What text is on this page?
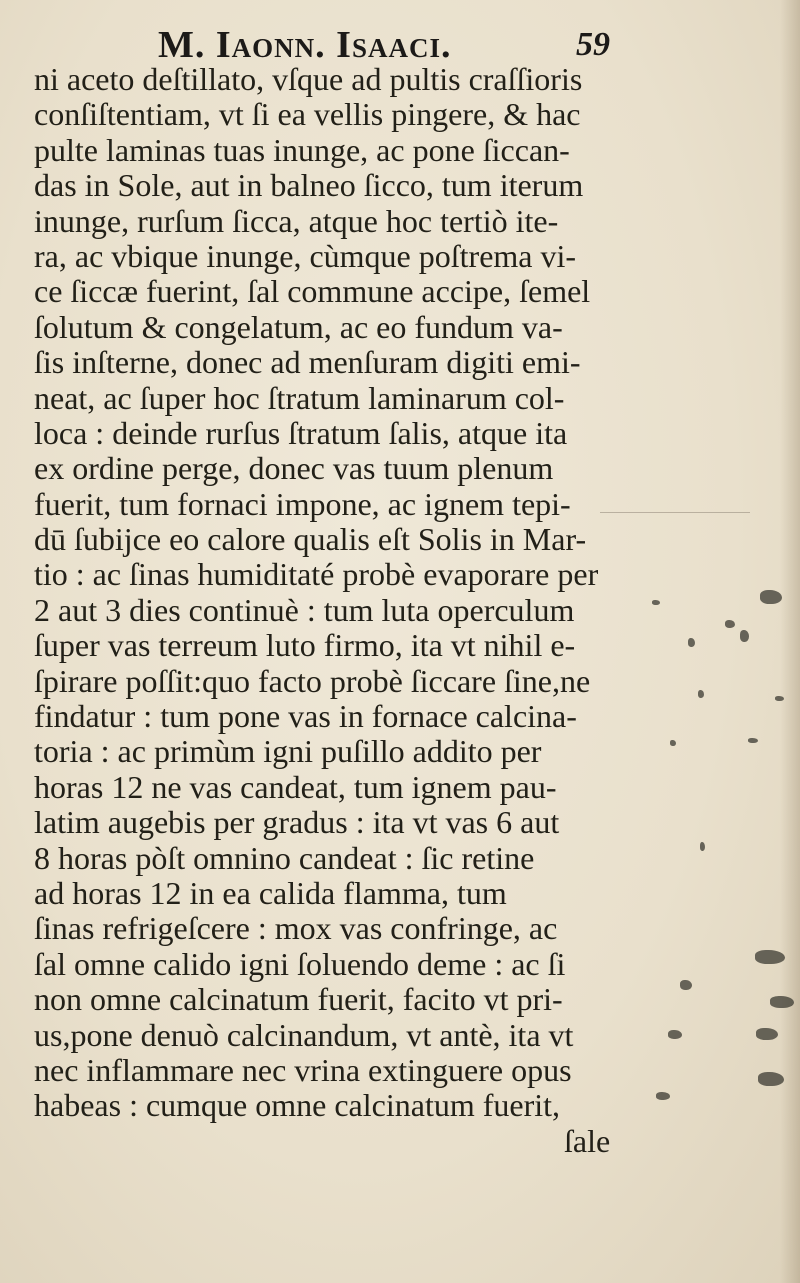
M. Iaonn. Isaaci.	59
ni aceto deſtillato, vſque ad pultis craſſioris
conſiſtentiam, vt ſi ea vellis pingere, & hac
pulte laminas tuas inunge, ac pone ſiccan-
das in Sole, aut in balneo ſicco, tum iterum
inunge, rurſum ſicca, atque hoc tertiò ite-
ra, ac vbique inunge, cùmque poſtrema vi-
ce ſiccæ fuerint, ſal commune accipe, ſemel
ſolutum & congelatum, ac eo fundum va-
ſis inſterne, donec ad menſuram digiti emi-
neat, ac ſuper hoc ſtratum laminarum col-
loca : deinde rurſus ſtratum ſalis, atque ita
ex ordine perge, donec vas tuum plenum
fuerit, tum fornaci impone, ac ignem tepi-
dū ſubijce eo calore qualis eſt Solis in Mar-
tio : ac ſinas humiditaté probè evaporare per
2 aut 3 dies continuè : tum luta operculum
ſuper vas terreum luto firmo, ita vt nihil e-
ſpirare poſſit:quo facto probè ſiccare ſine,ne
findatur : tum pone vas in fornace calcina-
toria : ac primùm igni puſillo addito per
horas 12 ne vas candeat, tum ignem pau-
latim augebis per gradus : ita vt vas 6 aut
8 horas pòſt omnino candeat : ſic retine
ad horas 12 in ea calida flamma, tum
ſinas refrigeſcere : mox vas confringe, ac
ſal omne calido igni ſoluendo deme : ac ſi
non omne calcinatum fuerit, facito vt pri-
us,pone denuò calcinandum, vt antè, ita vt
nec inflammare nec vrina extinguere opus
habeas : cumque omne calcinatum fuerit,
ſale
